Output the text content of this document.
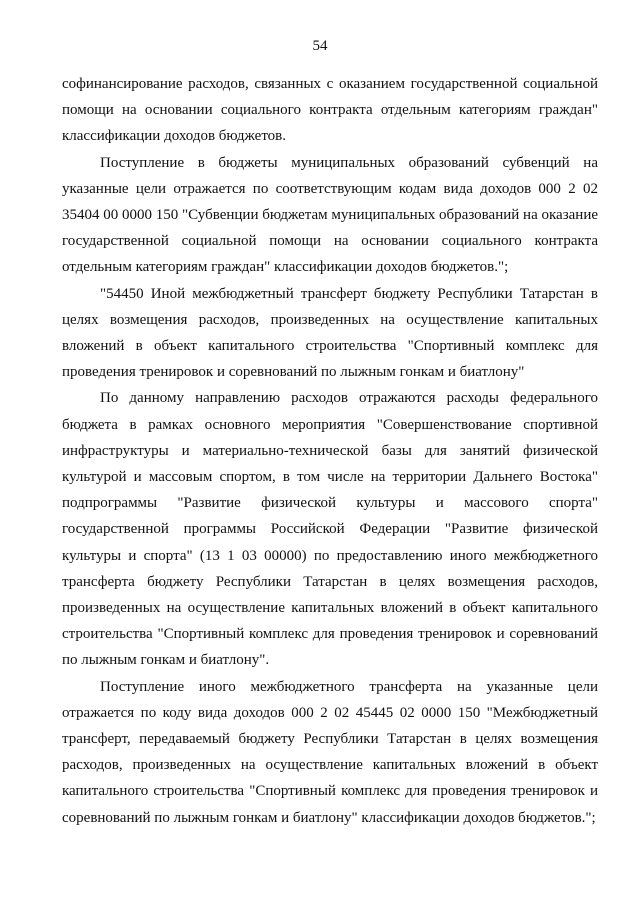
54

софинансирование расходов, связанных с оказанием государственной социальной помощи на основании социального контракта отдельным категориям граждан" классификации доходов бюджетов.

Поступление в бюджеты муниципальных образований субвенций на указанные цели отражается по соответствующим кодам вида доходов 000 2 02 35404 00 0000 150 "Субвенции бюджетам муниципальных образований на оказание государственной социальной помощи на основании социального контракта отдельным категориям граждан" классификации доходов бюджетов.";

"54450 Иной межбюджетный трансферт бюджету Республики Татарстан в целях возмещения расходов, произведенных на осуществление капитальных вложений в объект капитального строительства "Спортивный комплекс для проведения тренировок и соревнований по лыжным гонкам и биатлону"

По данному направлению расходов отражаются расходы федерального бюджета в рамках основного мероприятия "Совершенствование спортивной инфраструктуры и материально-технической базы для занятий физической культурой и массовым спортом, в том числе на территории Дальнего Востока" подпрограммы "Развитие физической культуры и массового спорта" государственной программы Российской Федерации "Развитие физической культуры и спорта" (13 1 03 00000) по предоставлению иного межбюджетного трансферта бюджету Республики Татарстан в целях возмещения расходов, произведенных на осуществление капитальных вложений в объект капитального строительства "Спортивный комплекс для проведения тренировок и соревнований по лыжным гонкам и биатлону".

Поступление иного межбюджетного трансферта на указанные цели отражается по коду вида доходов 000 2 02 45445 02 0000 150 "Межбюджетный трансферт, передаваемый бюджету Республики Татарстан в целях возмещения расходов, произведенных на осуществление капитальных вложений в объект капитального строительства "Спортивный комплекс для проведения тренировок и соревнований по лыжным гонкам и биатлону" классификации доходов бюджетов.";
